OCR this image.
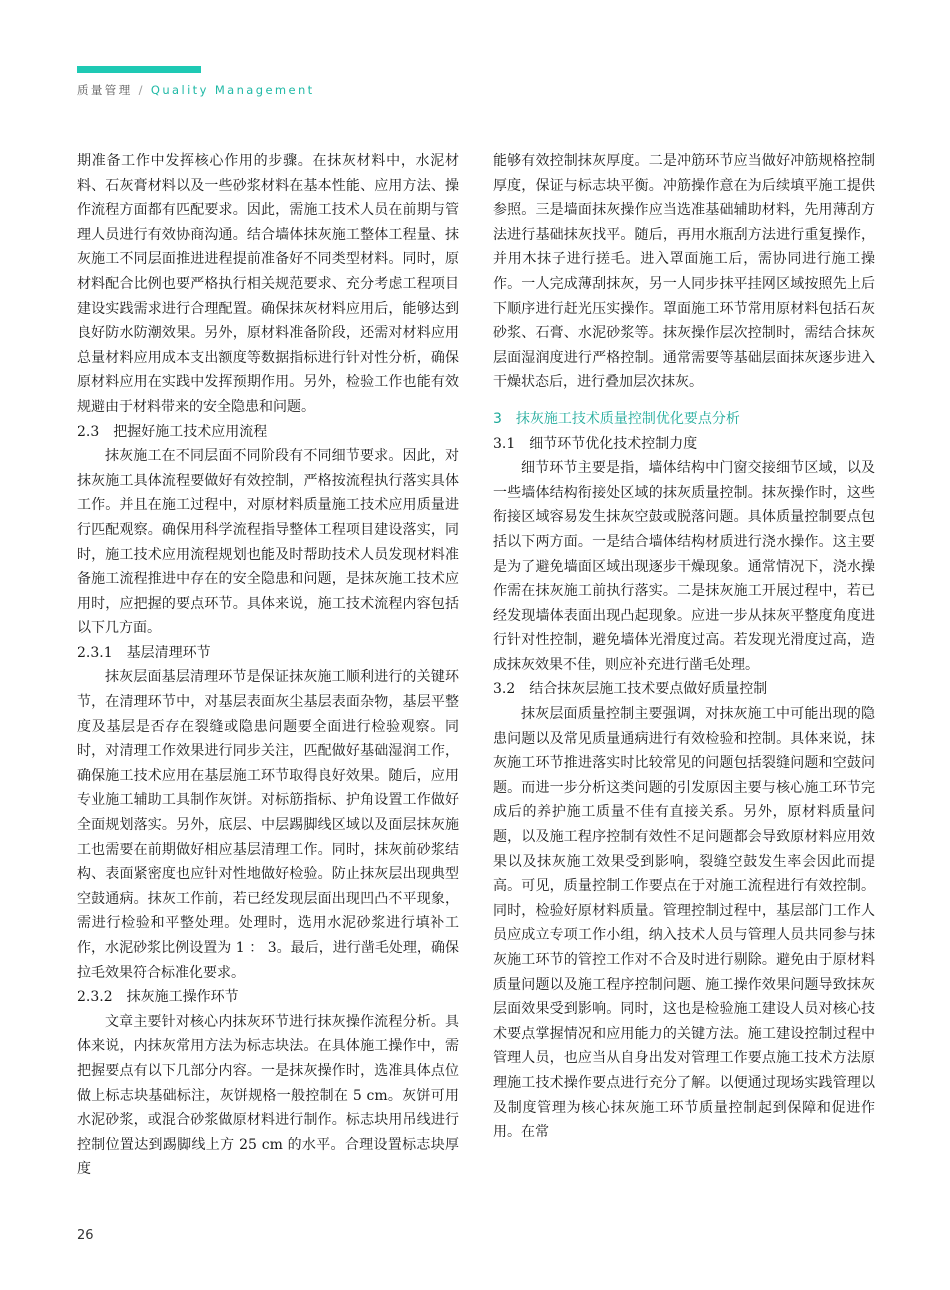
质量管理 / Quality Management

期准备工作中发挥核心作用的步骤。在抹灰材料中，水泥材料、石灰膏材料以及一些砂浆材料在基本性能、应用方法、操作流程方面都有匹配要求。因此，需施工技术人员在前期与管理人员进行有效协商沟通。结合墙体抹灰施工整体工程量、抹灰施工不同层面推进进程提前准备好不同类型材料。同时，原材料配合比例也要严格执行相关规范要求、充分考虑工程项目建设实践需求进行合理配置。确保抹灰材料应用后，能够达到良好防水防潮效果。另外，原材料准备阶段，还需对材料应用总量材料应用成本支出额度等数据指标进行针对性分析，确保原材料应用在实践中发挥预期作用。另外，检验工作也能有效规避由于材料带来的安全隐患和问题。

2.3　把握好施工技术应用流程

抹灰施工在不同层面不同阶段有不同细节要求。因此，对抹灰施工具体流程要做好有效控制，严格按流程执行落实具体工作。并且在施工过程中，对原材料质量施工技术应用质量进行匹配观察。确保用科学流程指导整体工程项目建设落实，同时，施工技术应用流程规划也能及时帮助技术人员发现材料准备施工流程推进中存在的安全隐患和问题，是抹灰施工技术应用时，应把握的要点环节。具体来说，施工技术流程内容包括以下几方面。

2.3.1　基层清理环节

抹灰层面基层清理环节是保证抹灰施工顺利进行的关键环节，在清理环节中，对基层表面灰尘基层表面杂物，基层平整度及基层是否存在裂缝或隐患问题要全面进行检验观察。同时，对清理工作效果进行同步关注，匹配做好基础湿润工作，确保施工技术应用在基层施工环节取得良好效果。随后，应用专业施工辅助工具制作灰饼。对标筋指标、护角设置工作做好全面规划落实。另外，底层、中层踢脚线区域以及面层抹灰施工也需要在前期做好相应基层清理工作。同时，抹灰前砂浆结构、表面紧密度也应针对性地做好检验。防止抹灰层出现典型空鼓通病。抹灰工作前，若已经发现层面出现凹凸不平现象，需进行检验和平整处理。处理时，选用水泥砂浆进行填补工作，水泥砂浆比例设置为 1 ： 3。最后，进行凿毛处理，确保拉毛效果符合标准化要求。

2.3.2　抹灰施工操作环节

文章主要针对核心内抹灰环节进行抹灰操作流程分析。具体来说，内抹灰常用方法为标志块法。在具体施工操作中，需把握要点有以下几部分内容。一是抹灰操作时，选准具体点位做上标志块基础标注，灰饼规格一般控制在 5 cm。灰饼可用水泥砂浆，或混合砂浆做原材料进行制作。标志块用吊线进行控制位置达到踢脚线上方 25 cm 的水平。合理设置标志块厚度

能够有效控制抹灰厚度。二是冲筋环节应当做好冲筋规格控制厚度，保证与标志块平衡。冲筋操作意在为后续填平施工提供参照。三是墙面抹灰操作应当选准基础辅助材料，先用薄刮方法进行基础抹灰找平。随后，再用水瓶刮方法进行重复操作，并用木抹子进行搓毛。进入罩面施工后，需协同进行施工操作。一人完成薄刮抹灰，另一人同步抹平挂网区域按照先上后下顺序进行赶光压实操作。罩面施工环节常用原材料包括石灰砂浆、石膏、水泥砂浆等。抹灰操作层次控制时，需结合抹灰层面湿润度进行严格控制。通常需要等基础层面抹灰逐步进入干燥状态后，进行叠加层次抹灰。

3　抹灰施工技术质量控制优化要点分析

3.1　细节环节优化技术控制力度

细节环节主要是指，墙体结构中门窗交接细节区域，以及一些墙体结构衔接处区域的抹灰质量控制。抹灰操作时，这些衔接区域容易发生抹灰空鼓或脱落问题。具体质量控制要点包括以下两方面。一是结合墙体结构材质进行浇水操作。这主要是为了避免墙面区域出现逐步干燥现象。通常情况下，浇水操作需在抹灰施工前执行落实。二是抹灰施工开展过程中，若已经发现墙体表面出现凸起现象。应进一步从抹灰平整度角度进行针对性控制，避免墙体光滑度过高。若发现光滑度过高，造成抹灰效果不佳，则应补充进行凿毛处理。

3.2　结合抹灰层施工技术要点做好质量控制

抹灰层面质量控制主要强调，对抹灰施工中可能出现的隐患问题以及常见质量通病进行有效检验和控制。具体来说，抹灰施工环节推进落实时比较常见的问题包括裂缝问题和空鼓问题。而进一步分析这类问题的引发原因主要与核心施工环节完成后的养护施工质量不佳有直接关系。另外，原材料质量问题，以及施工程序控制有效性不足问题都会导致原材料应用效果以及抹灰施工效果受到影响，裂缝空鼓发生率会因此而提高。可见，质量控制工作要点在于对施工流程进行有效控制。同时，检验好原材料质量。管理控制过程中，基层部门工作人员应成立专项工作小组，纳入技术人员与管理人员共同参与抹灰施工环节的管控工作对不合及时进行剔除。避免由于原材料质量问题以及施工程序控制问题、施工操作效果问题导致抹灰层面效果受到影响。同时，这也是检验施工建设人员对核心技术要点掌握情况和应用能力的关键方法。施工建设控制过程中管理人员，也应当从自身出发对管理工作要点施工技术方法原理施工技术操作要点进行充分了解。以便通过现场实践管理以及制度管理为核心抹灰施工环节质量控制起到保障和促进作用。在常

26
